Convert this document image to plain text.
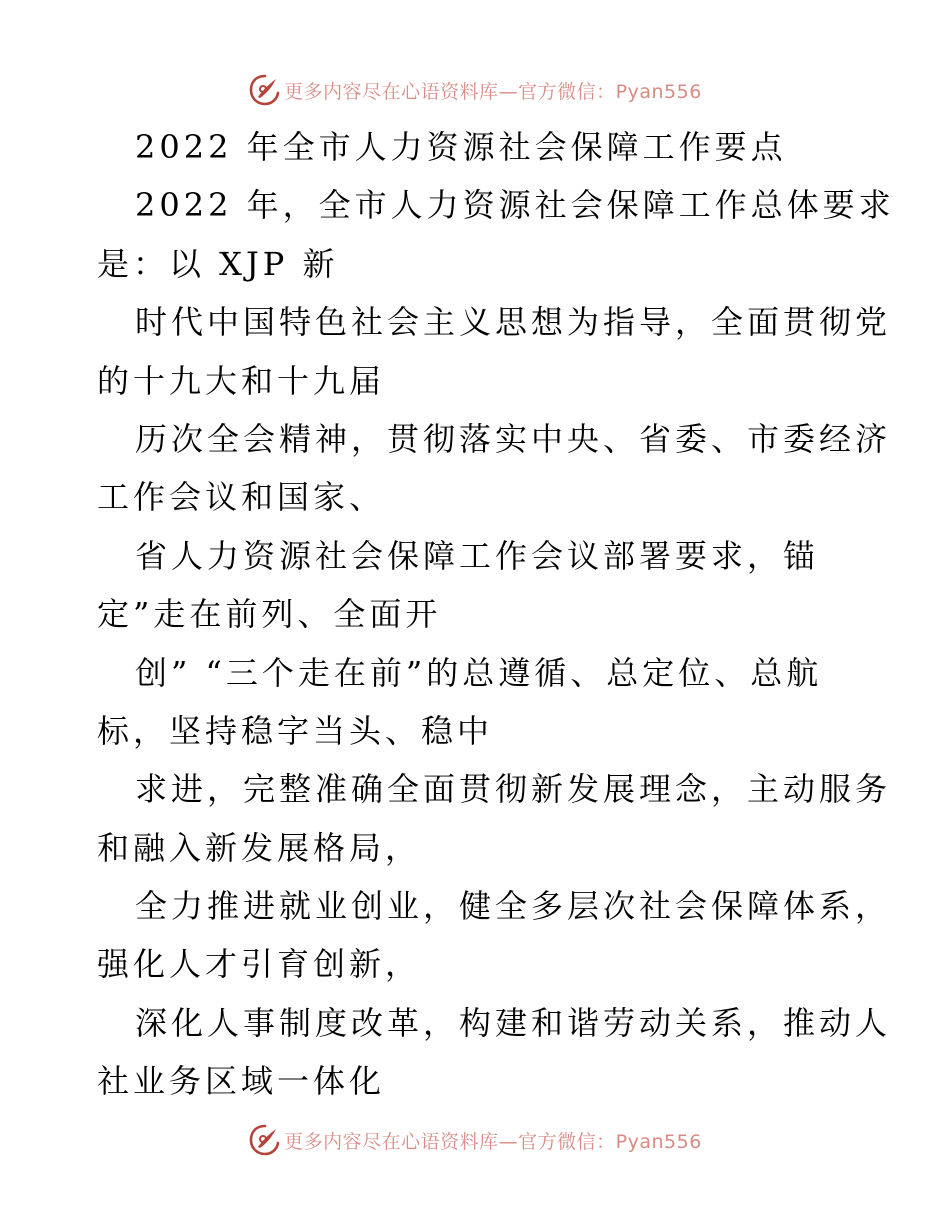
更多内容尽在心语资料库—官方微信：Pyan556
2022 年全市人力资源社会保障工作要点
2022 年，全市人力资源社会保障工作总体要求
是：以 XJP 新
时代中国特色社会主义思想为指导，全面贯彻党
的十九大和十九届
历次全会精神，贯彻落实中央、省委、市委经济
工作会议和国家、
省人力资源社会保障工作会议部署要求，锚
定”走在前列、全面开
创” “三个走在前”的总遵循、总定位、总航
标，坚持稳字当头、稳中
求进，完整准确全面贯彻新发展理念，主动服务
和融入新发展格局，
全力推进就业创业，健全多层次社会保障体系，
强化人才引育创新，
深化人事制度改革，构建和谐劳动关系，推动人
社业务区域一体化
更多内容尽在心语资料库—官方微信：Pyan556
